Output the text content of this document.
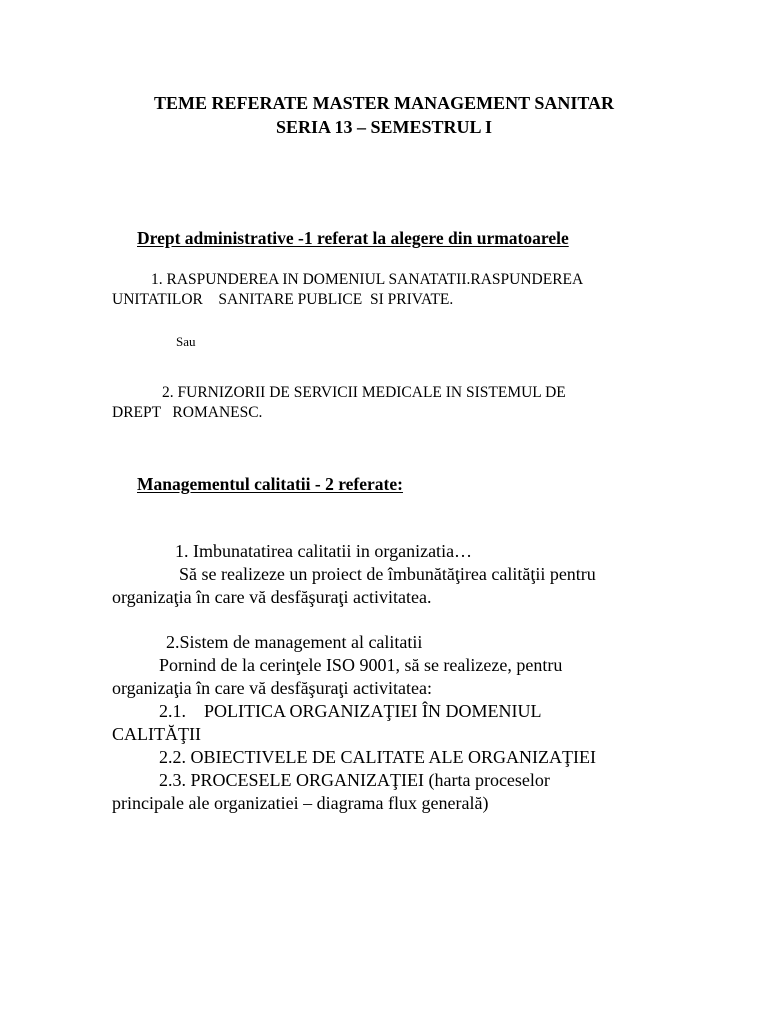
TEME REFERATE MASTER MANAGEMENT SANITAR
SERIA 13 – SEMESTRUL I
Drept administrative -1 referat la alegere din urmatoarele
1. RASPUNDEREA IN DOMENIUL SANATATII.RASPUNDEREA
UNITATILOR    SANITARE PUBLICE  SI PRIVATE.
Sau
2. FURNIZORII DE SERVICII MEDICALE IN SISTEMUL DE
DREPT   ROMANESC.
Managementul calitatii - 2 referate:
1. Imbunatatirea calitatii in organizatia…
Să se realizeze un proiect de îmbunătăţirea calităţii pentru
organizaţia în care vă desfăşuraţi activitatea.
2.Sistem de management al calitatii
Pornind de la cerinţele ISO 9001, să se realizeze, pentru
organizaţia în care vă desfăşuraţi activitatea:
2.1.    POLITICA ORGANIZAŢIEI ÎN DOMENIUL
CALITĂŢII
2.2. OBIECTIVELE DE CALITATE ALE ORGANIZAŢIEI
2.3. PROCESELE ORGANIZAŢIEI (harta proceselor
principale ale organizatiei – diagrama flux generală)
